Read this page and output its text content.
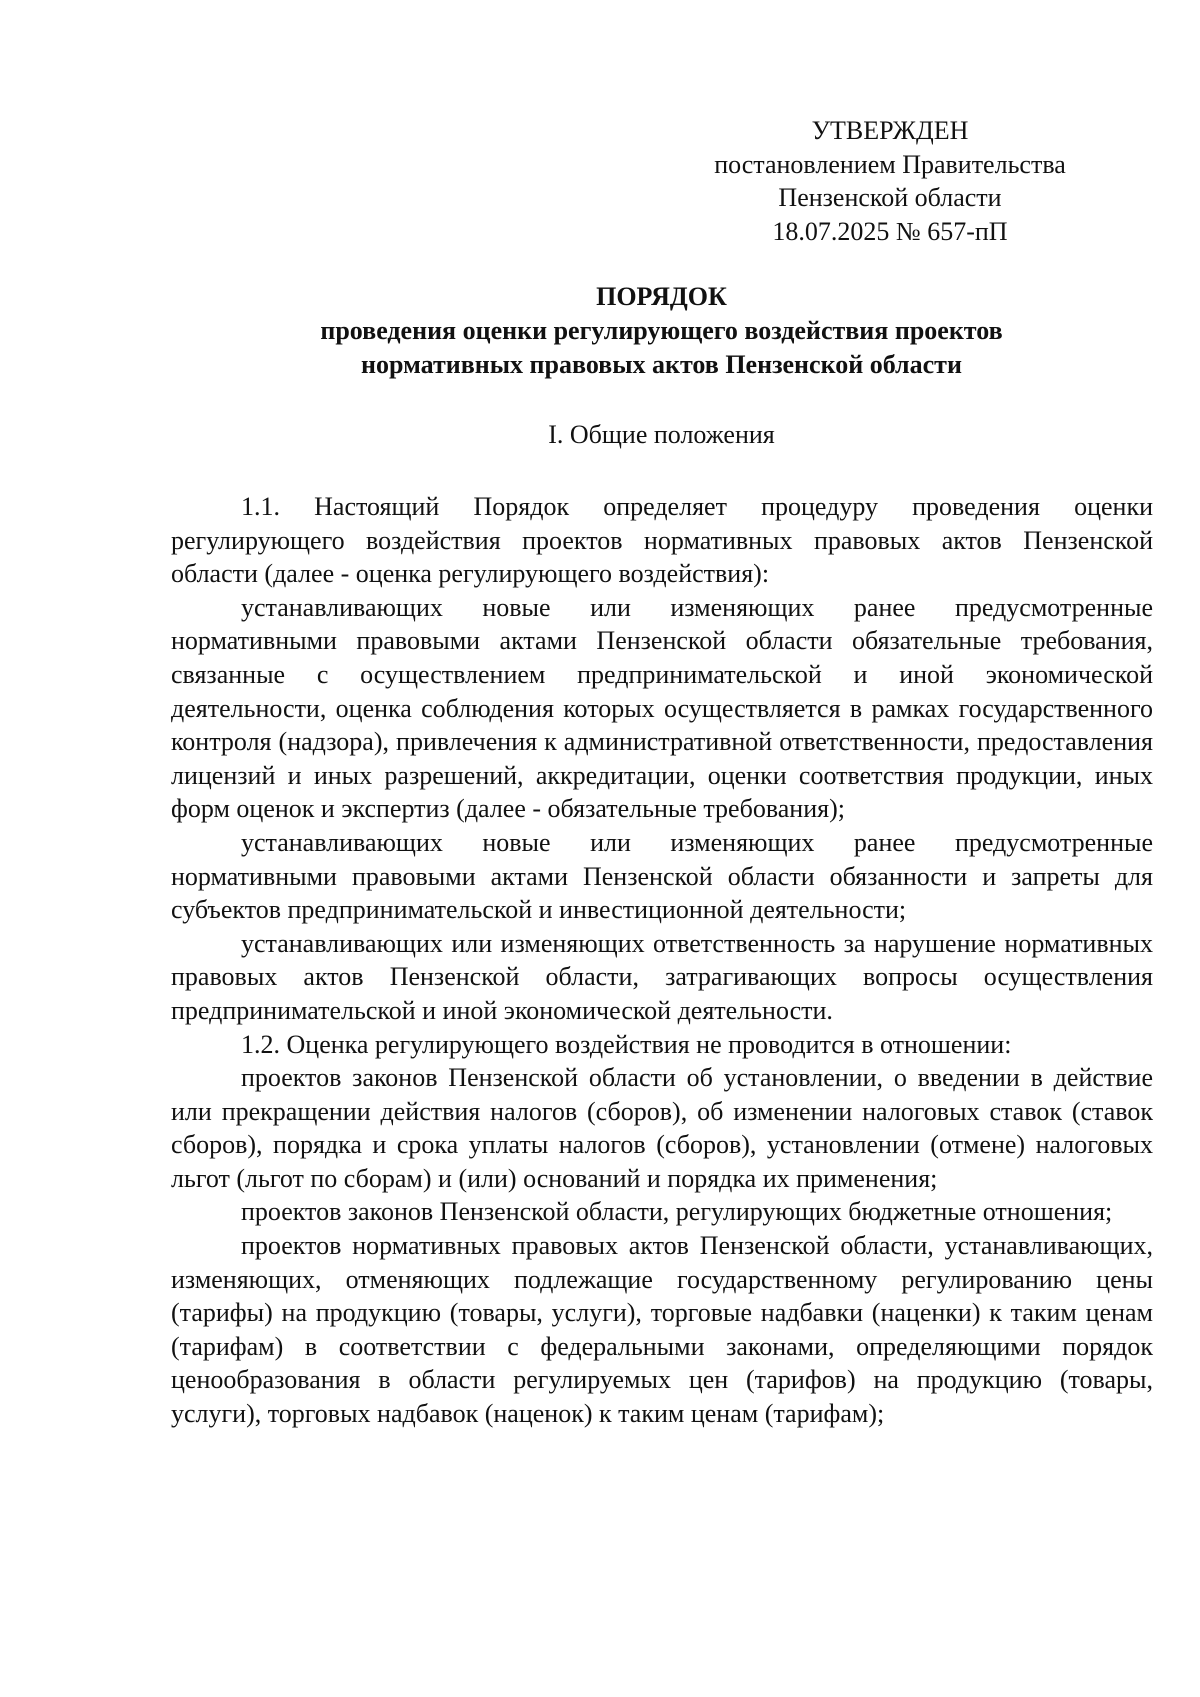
УТВЕРЖДЕН
постановлением Правительства
Пензенской области
18.07.2025 № 657-пП
ПОРЯДОК
проведения оценки регулирующего воздействия проектов
нормативных правовых актов Пензенской области
I. Общие положения

1.1. Настоящий Порядок определяет процедуру проведения оценки регулирующего воздействия проектов нормативных правовых актов Пензенской области (далее - оценка регулирующего воздействия):

устанавливающих новые или изменяющих ранее предусмотренные нормативными правовыми актами Пензенской области обязательные требования, связанные с осуществлением предпринимательской и иной экономической деятельности, оценка соблюдения которых осуществляется в рамках государственного контроля (надзора), привлечения к административной ответственности, предоставления лицензий и иных разрешений, аккредитации, оценки соответствия продукции, иных форм оценок и экспертиз (далее - обязательные требования);

устанавливающих новые или изменяющих ранее предусмотренные нормативными правовыми актами Пензенской области обязанности и запреты для субъектов предпринимательской и инвестиционной деятельности;

устанавливающих или изменяющих ответственность за нарушение нормативных правовых актов Пензенской области, затрагивающих вопросы осуществления предпринимательской и иной экономической деятельности.

1.2. Оценка регулирующего воздействия не проводится в отношении:

проектов законов Пензенской области об установлении, о введении в действие или прекращении действия налогов (сборов), об изменении налоговых ставок (ставок сборов), порядка и срока уплаты налогов (сборов), установлении (отмене) налоговых льгот (льгот по сборам) и (или) оснований и порядка их применения;

проектов законов Пензенской области, регулирующих бюджетные отношения;

проектов нормативных правовых актов Пензенской области, устанавливающих, изменяющих, отменяющих подлежащие государственному регулированию цены (тарифы) на продукцию (товары, услуги), торговые надбавки (наценки) к таким ценам (тарифам) в соответствии с федеральными законами, определяющими порядок ценообразования в области регулируемых цен (тарифов) на продукцию (товары, услуги), торговых надбавок (наценок) к таким ценам (тарифам);
